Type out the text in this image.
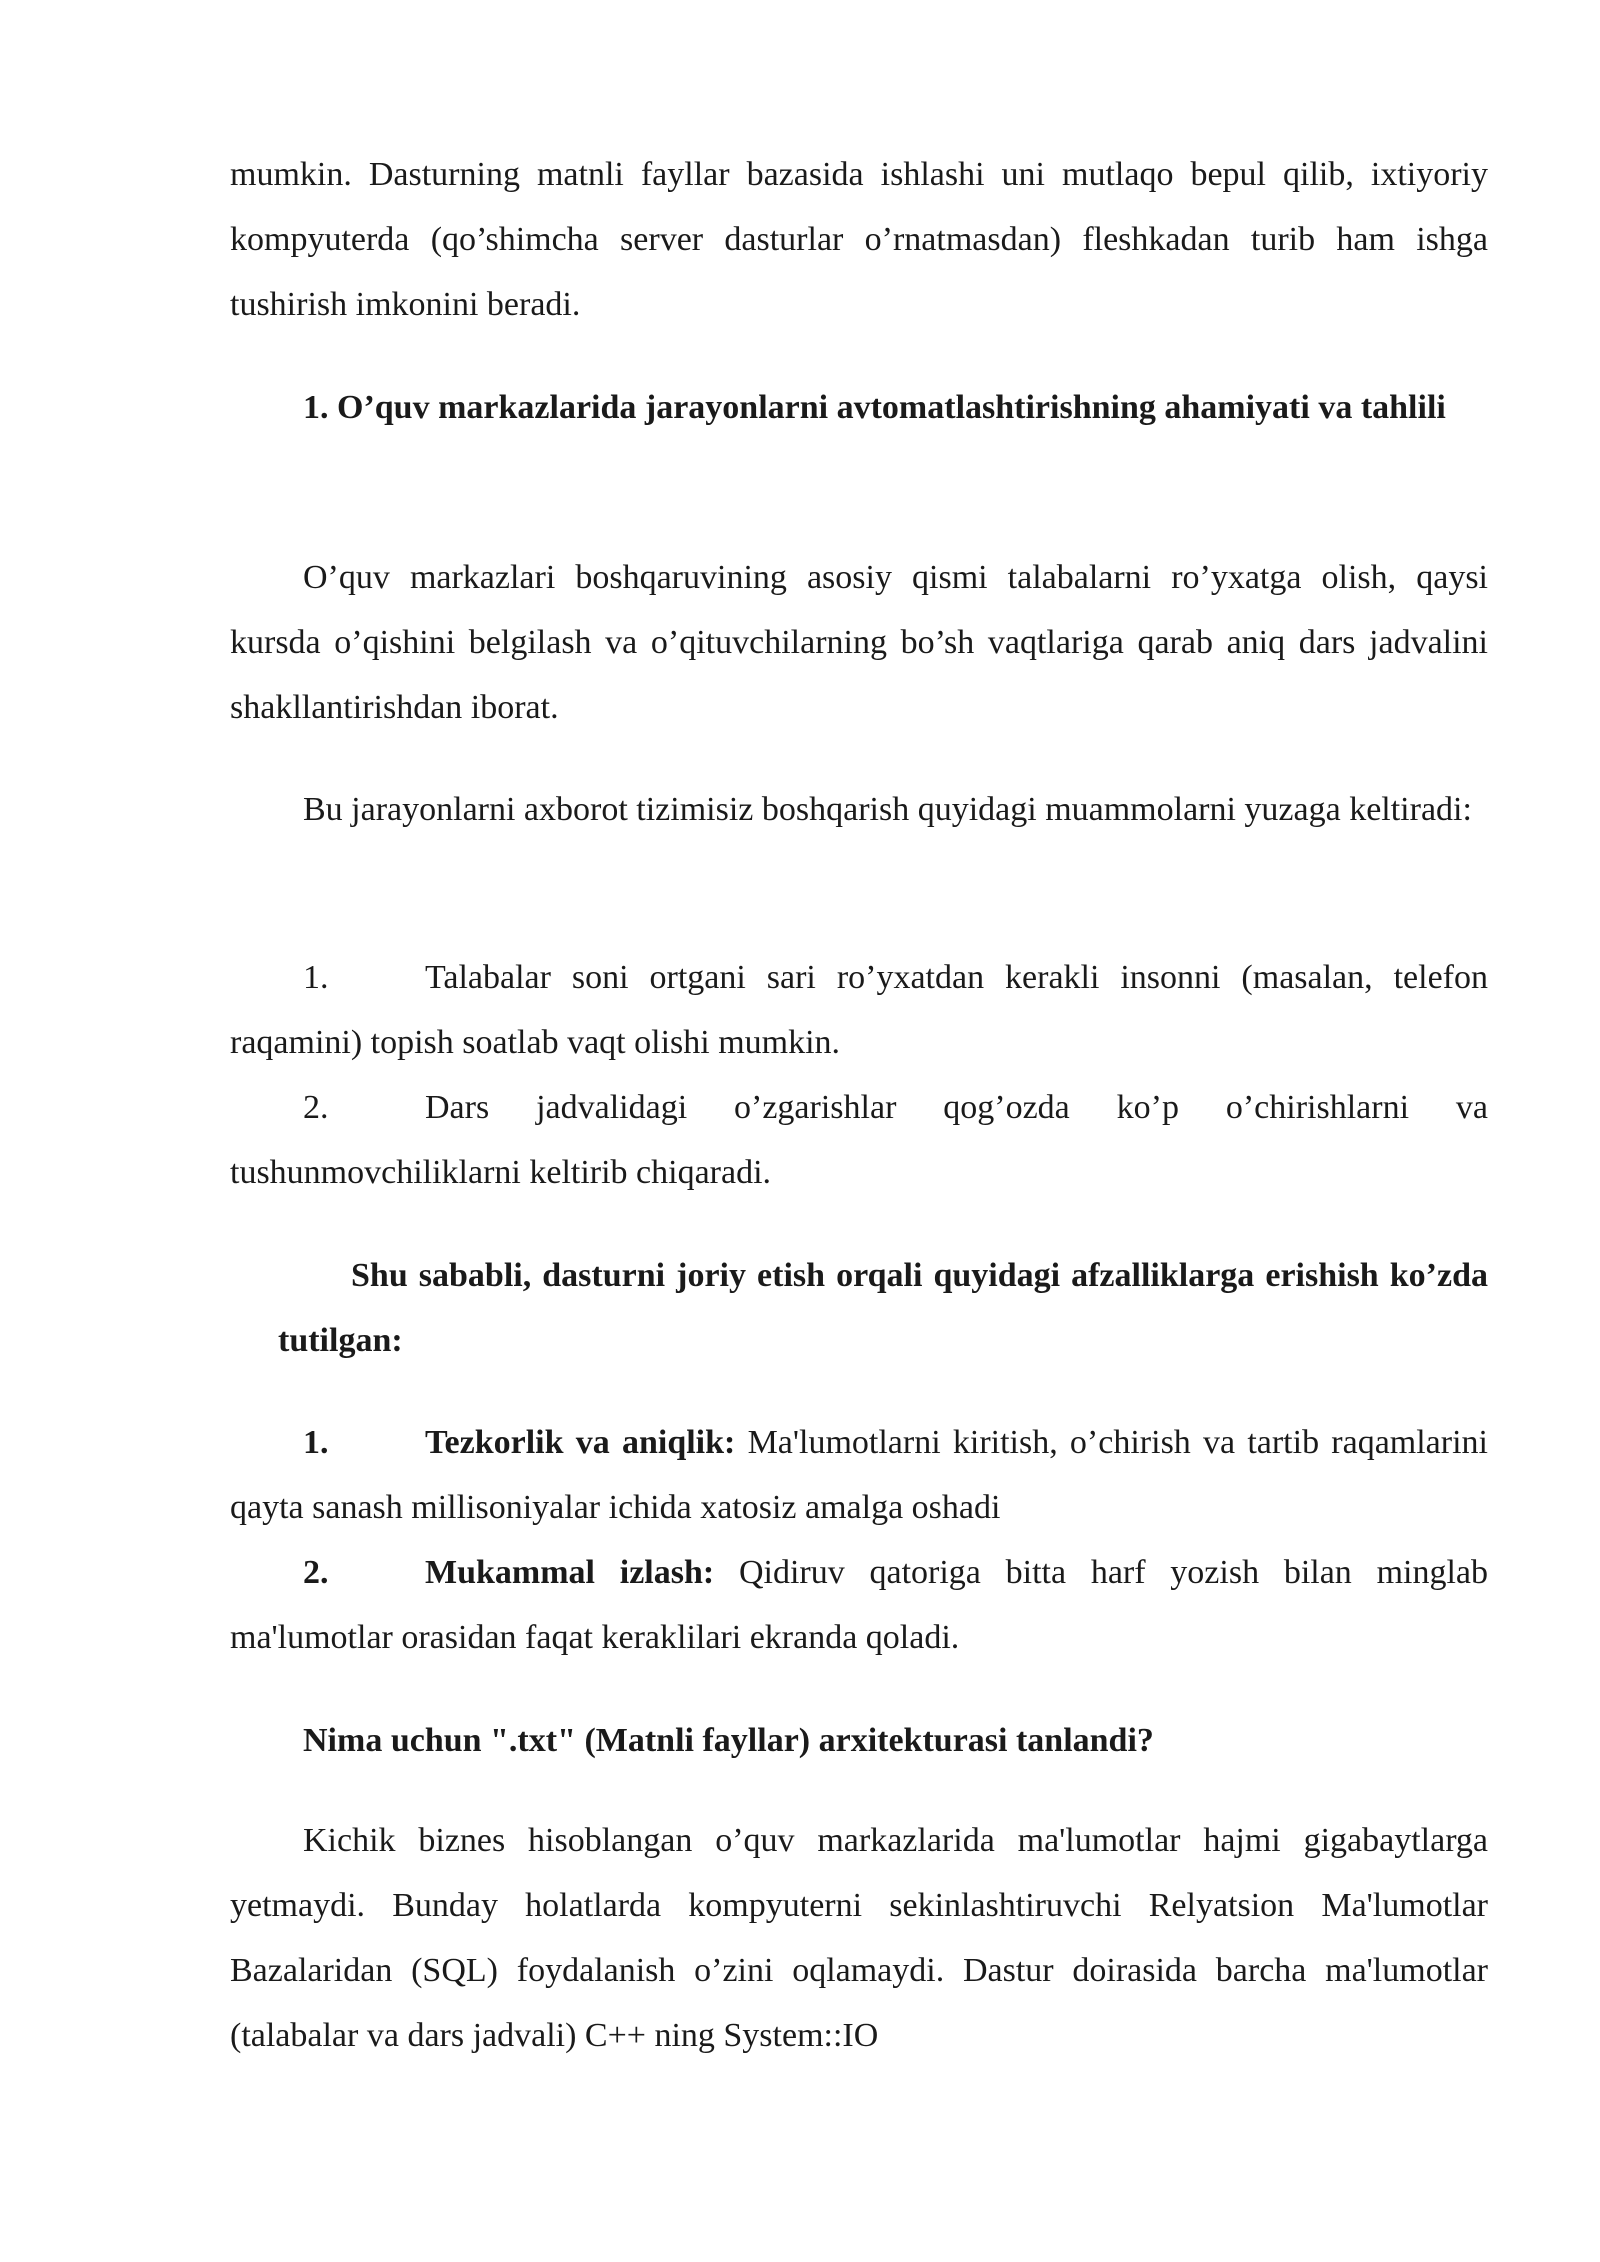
mumkin. Dasturning matnli fayllar bazasida ishlashi uni mutlaqo bepul qilib, ixtiyoriy kompyuterda (qo’shimcha server dasturlar o’rnatmasdan) fleshkadan turib ham ishga tushirish imkonini beradi.

1. O’quv markazlarida jarayonlarni avtomatlashtirishning ahamiyati va tahlili

O’quv markazlari boshqaruvining asosiy qismi talabalarni ro’yxatga olish, qaysi kursda o’qishini belgilash va o’qituvchilarning bo’sh vaqtlariga qarab aniq dars jadvalini shakllantirishdan iborat.

Bu jarayonlarni axborot tizimisiz boshqarish quyidagi muammolarni yuzaga keltiradi:

1.	Talabalar soni ortgani sari ro’yxatdan kerakli insonni (masalan, telefon raqamini) topish soatlab vaqt olishi mumkin.
2.	Dars jadvalidagi o’zgarishlar qog’ozda ko’p o’chirishlarni va tushunmovchiliklarni keltirib chiqaradi.

Shu sababli, dasturni joriy etish orqali quyidagi afzalliklarga erishish ko’zda tutilgan:

1.	Tezkorlik va aniqlik: Ma'lumotlarni kiritish, o’chirish va tartib raqamlarini qayta sanash millisoniyalar ichida xatosiz amalga oshadi
2.	Mukammal izlash: Qidiruv qatoriga bitta harf yozish bilan minglab ma'lumotlar orasidan faqat keraklilari ekranda qoladi.

Nima uchun ".txt" (Matnli fayllar) arxitekturasi tanlandi?

Kichik biznes hisoblangan o’quv markazlarida ma'lumotlar hajmi gigabaytlarga yetmaydi. Bunday holatlarda kompyuterni sekinlashtiruvchi Relyatsion Ma'lumotlar Bazalaridan (SQL) foydalanish o’zini oqlamaydi. Dastur doirasida barcha ma'lumotlar (talabalar va dars jadvali) C++ ning System::IO
